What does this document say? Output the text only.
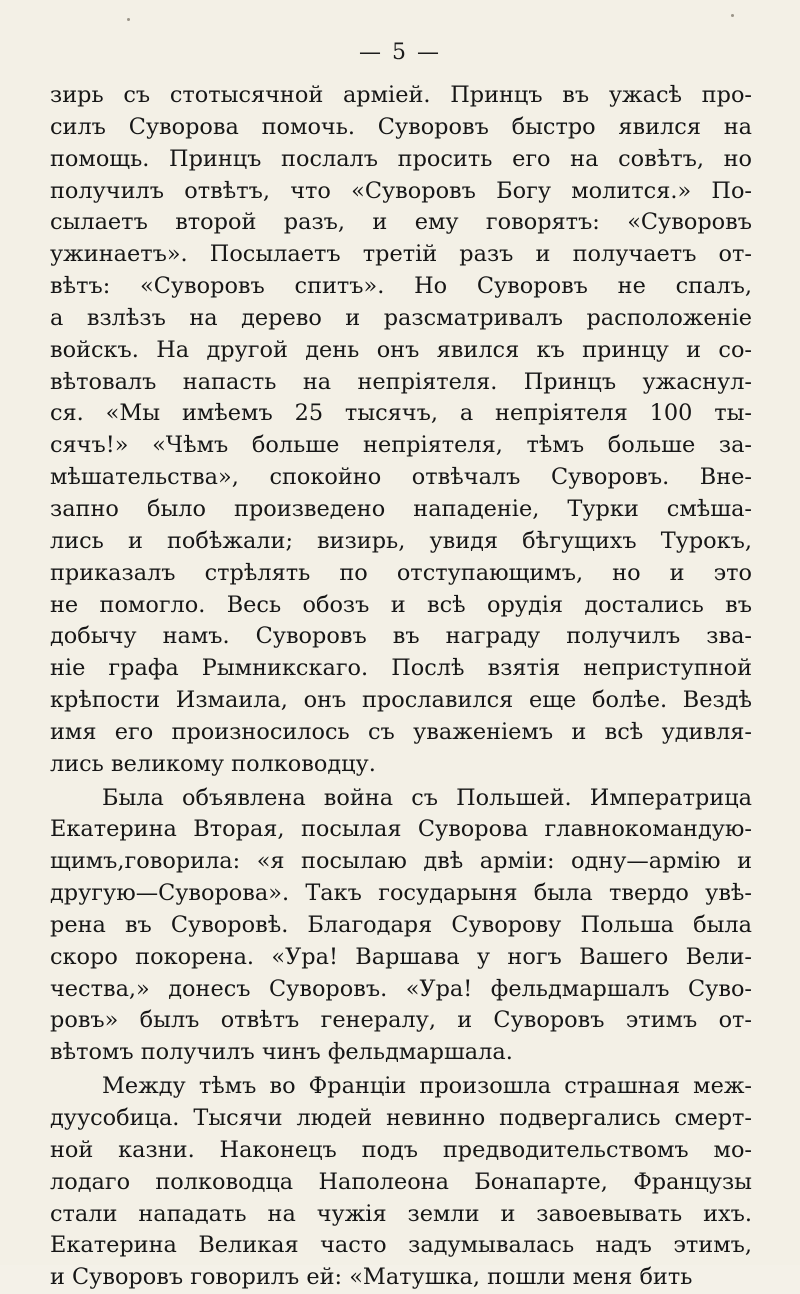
— 5 —
зирь съ стотысячной арміей. Принцъ въ ужасѣ про-
силъ Суворова помочь. Суворовъ быстро явился на
помощь. Принцъ послалъ просить его на совѣтъ, но
получилъ отвѣтъ, что «Суворовъ Богу молится.» По-
сылаетъ второй разъ, и ему говорятъ: «Суворовъ
ужинаетъ». Посылаетъ третій разъ и получаетъ от-
вѣтъ: «Суворовъ спитъ». Но Суворовъ не спалъ,
а взлѣзъ на дерево и разсматривалъ расположеніе
войскъ. На другой день онъ явился къ принцу и со-
вѣтовалъ напасть на непріятеля. Принцъ ужаснул-
ся. «Мы имѣемъ 25 тысячъ, а непріятеля 100 ты-
сячъ!» «Чѣмъ больше непріятеля, тѣмъ больше за-
мѣшательства», спокойно отвѣчалъ Суворовъ. Вне-
запно было произведено нападеніе, Турки смѣша-
лись и побѣжали; визирь, увидя бѣгущихъ Турокъ,
приказалъ стрѣлять по отступающимъ, но и это
не помогло. Весь обозъ и всѣ орудія достались въ
добычу намъ. Суворовъ въ награду получилъ зва-
ніе графа Рымникскаго. Послѣ взятія неприступной
крѣпости Измаила, онъ прославился еще болѣе. Вездѣ
имя его произносилось съ уваженіемъ и всѣ удивля-
лись великому полководцу.
Была объявлена война съ Польшей. Императрица
Екатерина Вторая, посылая Суворова главнокомандую-
щимъ,говорила: «я посылаю двѣ арміи: одну—армію и
другую—Суворова». Такъ государыня была твердо увѣ-
рена въ Суворовѣ. Благодаря Суворову Польша была
скоро покорена. «Ура! Варшава у ногъ Вашего Вели-
чества,» донесъ Суворовъ. «Ура! фельдмаршалъ Суво-
ровъ» былъ отвѣтъ генералу, и Суворовъ этимъ от-
вѣтомъ получилъ чинъ фельдмаршала.
Между тѣмъ во Франціи произошла страшная меж-
дуусобица. Тысячи людей невинно подвергались смерт-
ной казни. Наконецъ подъ предводительствомъ мо-
лодаго полководца Наполеона Бонапарте, Французы
стали нападать на чужія земли и завоевывать ихъ.
Екатерина Великая часто задумывалась надъ этимъ,
и Суворовъ говорилъ ей: «Матушка, пошли меня бить
